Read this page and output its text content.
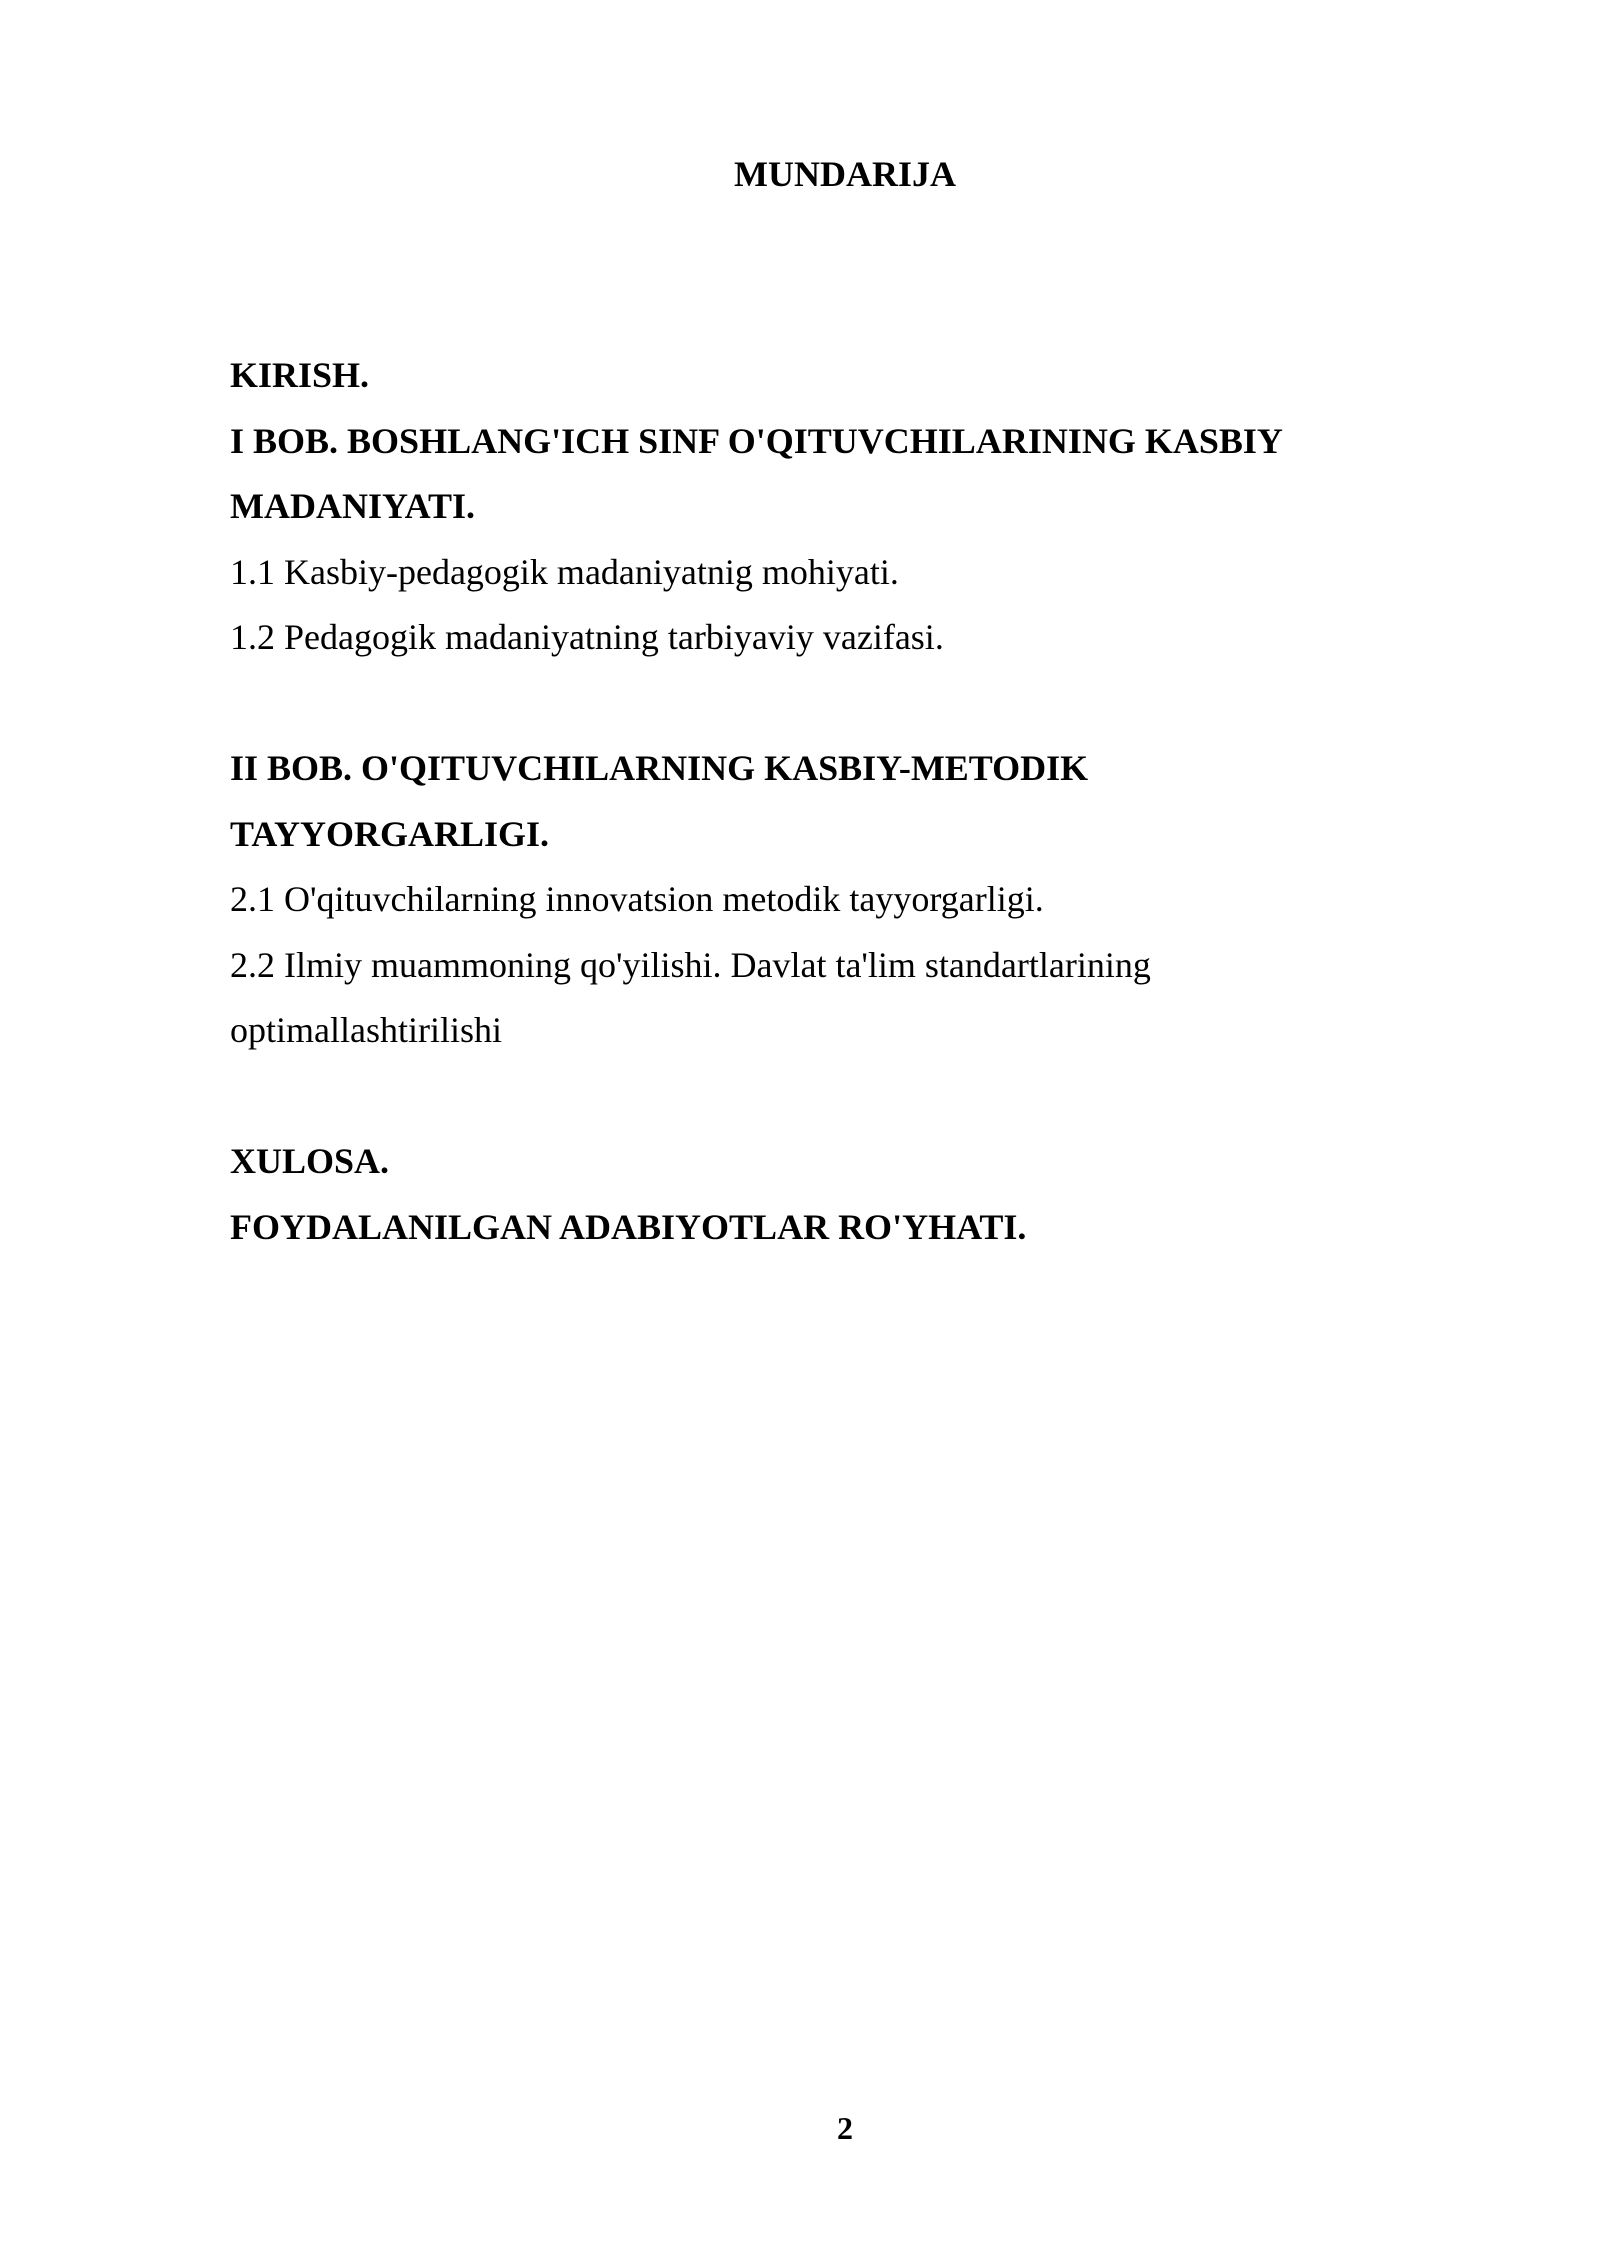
MUNDARIJA
KIRISH.
I BOB. BOSHLANG'ICH SINF O'QITUVCHILARINING KASBIY
MADANIYATI.
1.1 Kasbiy-pedagogik madaniyatnig mohiyati.
1.2 Pedagogik madaniyatning tarbiyaviy vazifasi.
II BOB. O'QITUVCHILARNING KASBIY-METODIK
TAYYORGARLIGI.
2.1 O'qituvchilarning innovatsion metodik tayyorgarligi.
2.2 Ilmiy muammoning qo'yilishi. Davlat ta'lim standartlarining
optimallashtirilishi
XULOSA.
FOYDALANILGAN ADABIYOTLAR RO'YHATI.
2
